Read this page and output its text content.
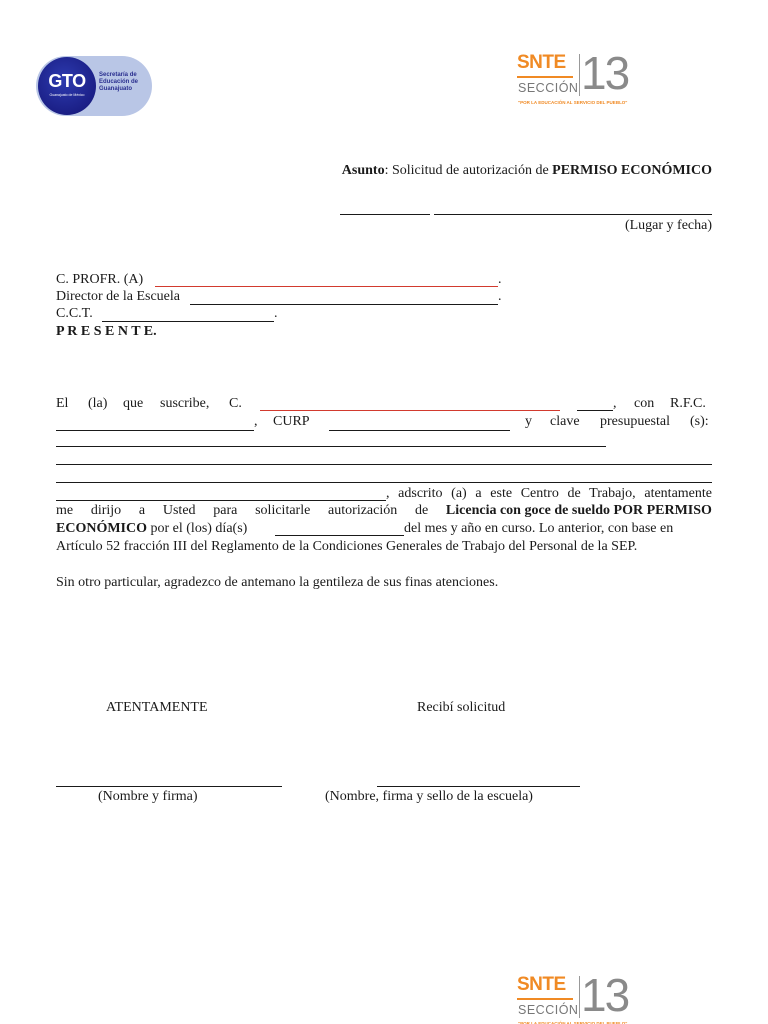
GTO
Guanajuato de México
Secretaría de Educación de Guanajuato
SNTE
SECCIÓN 13
"POR LA EDUCACIÓN AL SERVICIO DEL PUEBLO"
Asunto: Solicitud de autorización de PERMISO ECONÓMICO
(Lugar y fecha)
C. PROFR. (A)	.
Director de la Escuela	.
C.C.T.	.
P R E S E N T E.
El (la) que suscribe, C.	, con R.F.C.
, CURP	y clave presupuestal (s):
, adscrito (a) a este Centro de Trabajo, atentamente
me dirijo a Usted para solicitarle autorización de Licencia con goce de sueldo POR PERMISO
ECONÓMICO por el (los) día(s)	del mes y año en curso. Lo anterior, con base en
Artículo 52 fracción III del Reglamento de la Condiciones Generales de Trabajo del Personal de la SEP.
Sin otro particular, agradezco de antemano la gentileza de sus finas atenciones.
ATENTAMENTE	Recibí solicitud
(Nombre y firma)	(Nombre, firma y sello de la escuela)
SNTE
SECCIÓN 13
"POR LA EDUCACIÓN AL SERVICIO DEL PUEBLO"
